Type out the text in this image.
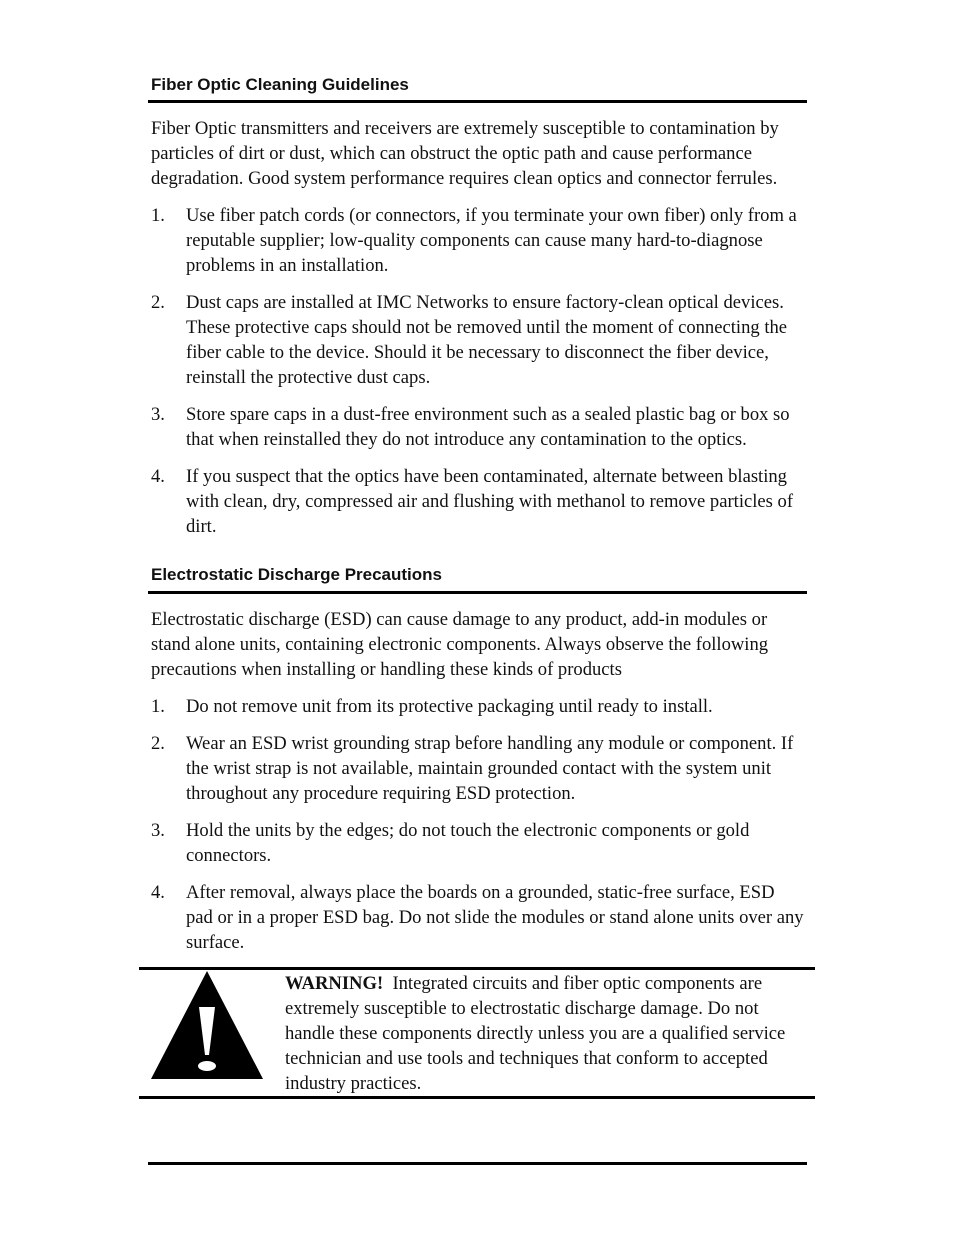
Fiber Optic Cleaning Guidelines

Fiber Optic transmitters and receivers are extremely susceptible to contamination by particles of dirt or dust, which can obstruct the optic path and cause performance degradation. Good system performance requires clean optics and connector ferrules.

1.	Use fiber patch cords (or connectors, if you terminate your own fiber) only from a reputable supplier; low-quality components can cause many hard-to-diagnose problems in an installation.
2.	Dust caps are installed at IMC Networks to ensure factory-clean optical devices. These protective caps should not be removed until the moment of connecting the fiber cable to the device. Should it be necessary to disconnect the fiber device, reinstall the protective dust caps.
3.	Store spare caps in a dust-free environment such as a sealed plastic bag or box so that when reinstalled they do not introduce any contamination to the optics.
4.	If you suspect that the optics have been contaminated, alternate between blasting with clean, dry, compressed air and flushing with methanol to remove particles of dirt.
Electrostatic Discharge Precautions

Electrostatic discharge (ESD) can cause damage to any product, add-in modules or stand alone units, containing electronic components. Always observe the following precautions when installing or handling these kinds of products

1.	Do not remove unit from its protective packaging until ready to install.
2.	Wear an ESD wrist grounding strap before handling any module or component. If the wrist strap is not available, maintain grounded contact with the system unit throughout any procedure requiring ESD protection.
3.	Hold the units by the edges; do not touch the electronic components or gold connectors.
4.	After removal, always place the boards on a grounded, static-free surface, ESD pad or in a proper ESD bag. Do not slide the modules or stand alone units over any surface.

WARNING! Integrated circuits and fiber optic components are extremely susceptible to electrostatic discharge damage. Do not handle these components directly unless you are a qualified service technician and use tools and techniques that conform to accepted industry practices.
